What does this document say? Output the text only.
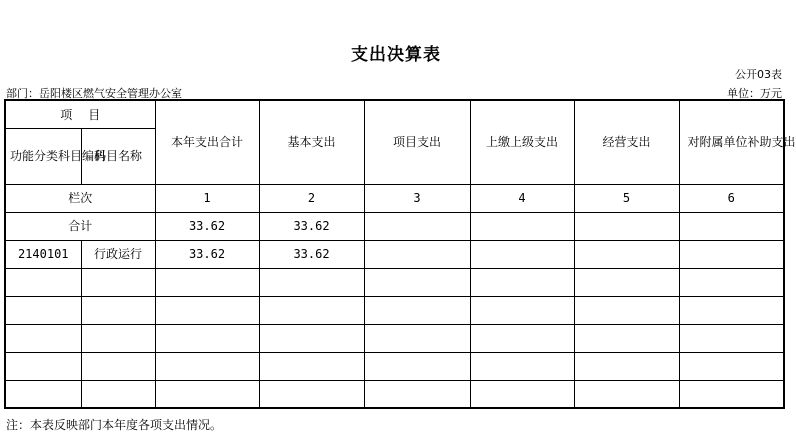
支出决算表
公开03表
部门：岳阳楼区燃气安全管理办公室	单位：万元
项目		本年支出合计	基本支出	项目支出	上缴上级支出	经营支出	对附属单位补助支出
功能分类科目编码	科目名称						
栏次		1	2	3	4	5	6
合计		33.62	33.62				
2140101	行政运行	33.62	33.62				

注：本表反映部门本年度各项支出情况。
